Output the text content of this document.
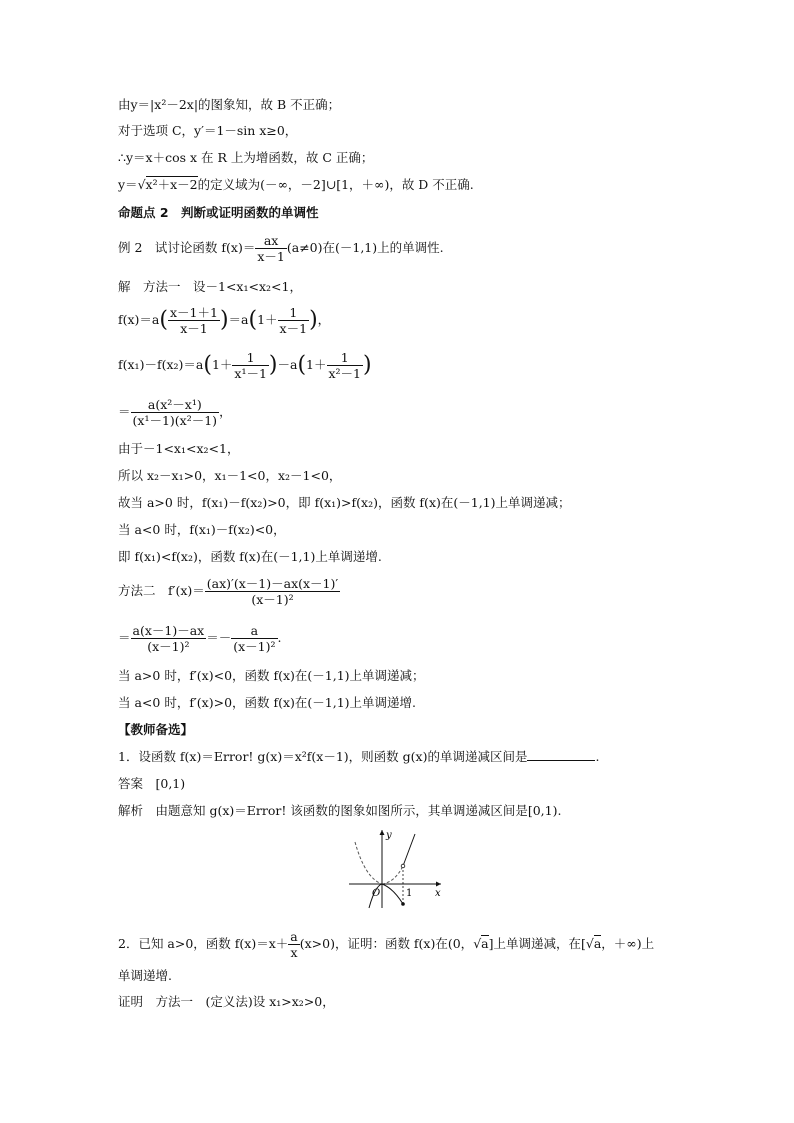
由y＝|x²－2x|的图象知，故 B 不正确；
对于选项 C，y′＝1－sin x≥0，
∴y＝x＋cos x 在 R 上为增函数，故 C 正确；
y＝√x²＋x－2的定义域为(－∞，－2]∪[1，＋∞)，故 D 不正确.
命题点 2　判断或证明函数的单调性
例 2　试讨论函数 $f(x)= \frac{ax}{x-1} (a\ne 0)$在(－1,1)上的单调性.
解　方法一　设－1<x₁<x₂<1，
$f(x)=a( \frac{x-1+1}{x-1} )=a(1+ \frac{1}{x-1}$ )，
$f(x_1)-f(x_2)=a(1+ \frac{1}{\text{x¹－1}} )-a(1+ \frac{1}{\text{x²－1}}$ )
＝ $\frac{\text{a(x²－x¹)}}{\text{(x¹－1)(x²－1)}}$ ，
由于－1<x₁<x₂<1，
所以 x₂－x₁>0，x₁－1<0，x₂－1<0，
故当 a>0 时，f(x₁)－f(x₂)>0，即 f(x₁)>f(x₂)，函数 f(x)在(－1,1)上单调递减；
当 a<0 时，f(x₁)－f(x₂)<0，
即 f(x₁)<f(x₂)，函数 f(x)在(－1,1)上单调递增.
方法二　$f'(x)= \frac{(ax)'(x-1)-ax(x-1)'}{\text{(x－1)²}}$
＝ $\frac{a(x-1)-ax}{\text{(x－1)²}} =- \frac{a}{\text{(x－1)²}}$ .
当 a>0 时，f′(x)<0，函数 f(x)在(－1,1)上单调递减；
当 a<0 时，f′(x)>0，函数 f(x)在(－1,1)上单调递增.
【教师备选】
1．设函数 f(x)＝Error! g(x)＝x²f(x－1)，则函数 g(x)的单调递减区间是	.
答案　[0,1)
解析　由题意知 g(x)＝Error! 该函数的图象如图所示，其单调递减区间是[0,1).
y
x
O	1
2．已知 a>0，函数 $f(x)=x+ \frac{a}{x} (x>0)$，证明：函数 f(x)在(0，√a]上单调递减，在[√a，＋∞)上
单调递增.
证明　方法一　(定义法)设 x₁>x₂>0，
